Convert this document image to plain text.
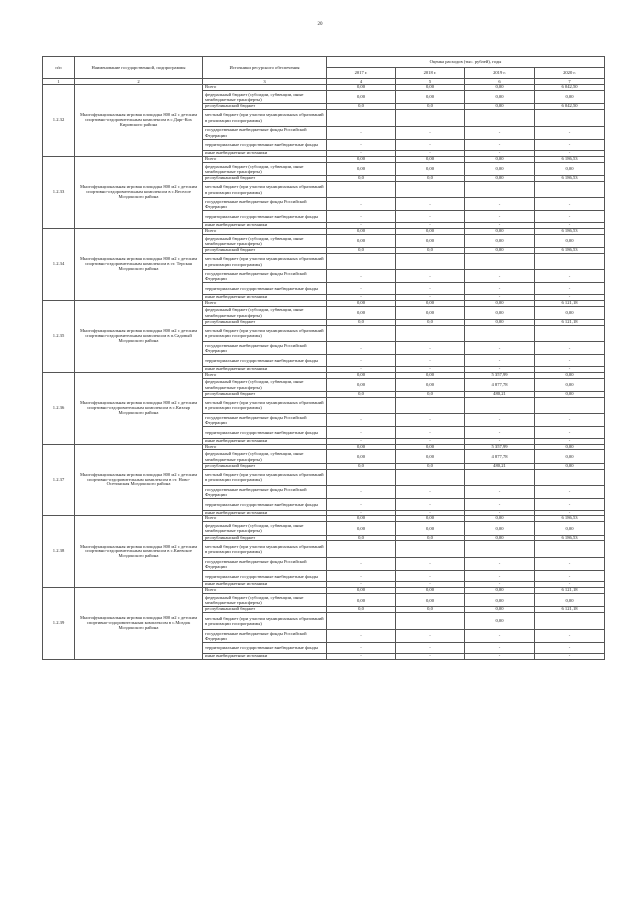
20
п/п	Наименование государственной, подпрограммы	Источники ресурсного обеспечения	Оценка расходов (тыс. рублей), годы			
			2017 г.	2018 г.	2019 г.	2020 г.
1	2	3	4	5	6	7
1.2.32	Многофункциональная игровая площадка 800 м2 с детским спортивно-оздоровительным комплексом в с.Дарг-Кох Кировского района	Всего	0,00	0,00	0,00	6 042,50
		федеральный бюджет (субсидии, субвенции, иные межбюджетные трансферты)	0,00	0,00	0,00	0,00
		республиканский бюджет	0,0	0,0	0,00	6 042,50
		местный бюджет (при участии муниципальных образований в реализации госпрограммы)				
		государственные внебюджетные фонды Российской Федерации	-	-	-	-
		территориальные государственные внебюджетные фонды	-	-	-	-
		иные внебюджетные источники	-	-	-	-
1.2.33	Многофункциональная игровая площадка 800 м2 с детским спортивно-оздоровительным комплексом в с.Веселое Моздокского района	Всего	0,00	0,00	0,00	6 186,53
		федеральный бюджет (субсидии, субвенции, иные межбюджетные трансферты)	0,00	0,00	0,00	0,00
		республиканский бюджет	0,0	0,0	0,00	6 186,53
		местный бюджет (при участии муниципальных образований в реализации госпрограммы)				
		государственные внебюджетные фонды Российской Федерации	-	-	-	-
		территориальные государственные внебюджетные фонды	-	-	-	-
		иные внебюджетные источники	-	-	-	-
1.2.34	Многофункциональная игровая площадка 800 м2 с детским спортивно-оздоровительным комплексом в ст. Терская Моздокского района	Всего	0,00	0,00	0,00	6 186,53
		федеральный бюджет (субсидии, субвенции, иные межбюджетные трансферты)	0,00	0,00	0,00	0,00
		республиканский бюджет	0,0	0,0	0,00	6 186,53
		местный бюджет (при участии муниципальных образований в реализации госпрограммы)				
		государственные внебюджетные фонды Российской Федерации	-	-	-	-
		территориальные государственные внебюджетные фонды	-	-	-	-
		иные внебюджетные источники	-	-	-	-
1.2.35	Многофункциональная игровая площадка 800 м2 с детским спортивно-оздоровительным комплексом в п.Садовый Моздокского района	Всего	0,00	0,00	0,00	6 121,18
		федеральный бюджет (субсидии, субвенции, иные межбюджетные трансферты)	0,00	0,00	0,00	0,00
		республиканский бюджет	0,0	0,0	0,00	6 121,18
		местный бюджет (при участии муниципальных образований в реализации госпрограммы)				
		государственные внебюджетные фонды Российской Федерации	-	-	-	-
		территориальные государственные внебюджетные фонды	-	-	-	-
		иные внебюджетные источники	-	-	-	-
1.2.36	Многофункциональная игровая площадка 800 м2 с детским спортивно-оздоровительным комплексом в с.Кизляр Моздокского района	Всего	0,00	0,00	5 357,99	0,00
		федеральный бюджет (субсидии, субвенции, иные межбюджетные трансферты)	0,00	0,00	4 877,78	0,00
		республиканский бюджет	0,0	0,0	480,21	0,00
		местный бюджет (при участии муниципальных образований в реализации госпрограммы)				
		государственные внебюджетные фонды Российской Федерации	-	-	-	-
		территориальные государственные внебюджетные фонды	-	-	-	-
		иные внебюджетные источники	-	-	-	-
1.2.37	Многофункциональная игровая площадка 800 м2 с детским спортивно-оздоровительным комплексом в ст. Ново-Осетинская Моздокского района	Всего	0,00	0,00	5 357,99	0,00
		федеральный бюджет (субсидии, субвенции, иные межбюджетные трансферты)	0,00	0,00	4 877,78	0,00
		республиканский бюджет	0,0	0,0	480,21	0,00
		местный бюджет (при участии муниципальных образований в реализации госпрограммы)				
		государственные внебюджетные фонды Российской Федерации	-	-	-	-
		территориальные государственные внебюджетные фонды	-	-	-	-
		иные внебюджетные источники	-	-	-	-
1.2.38	Многофункциональная игровая площадка 800 м2 с детским спортивно-оздоровительным комплексом в с.Киевское Моздокского района	Всего	0,00	0,00	0,00	6 186,53
		федеральный бюджет (субсидии, субвенции, иные межбюджетные трансферты)	0,00	0,00	0,00	0,00
		республиканский бюджет	0,0	0,0	0,00	6 186,53
		местный бюджет (при участии муниципальных образований в реализации госпрограммы)				
		государственные внебюджетные фонды Российской Федерации	-	-	-	-
		территориальные государственные внебюджетные фонды	-	-	-	-
		иные внебюджетные источники	-	-	-	-
1.2.39	Многофункциональная игровая площадка 800 м2 с детским спортивно-оздоровительным комплексом в с.Моздок Моздокского района	Всего	0,00	0,00	0,00	6 121,18
		федеральный бюджет (субсидии, субвенции, иные межбюджетные трансферты)	0,00	0,00	0,00	0,00
		республиканский бюджет	0,0	0,0	0,00	6 121,18
		местный бюджет (при участии муниципальных образований в реализации госпрограммы)			0,00	
		государственные внебюджетные фонды Российской Федерации	-	-	-	-
		территориальные государственные внебюджетные фонды	-	-	-	-
		иные внебюджетные источники	-	-	-	-
